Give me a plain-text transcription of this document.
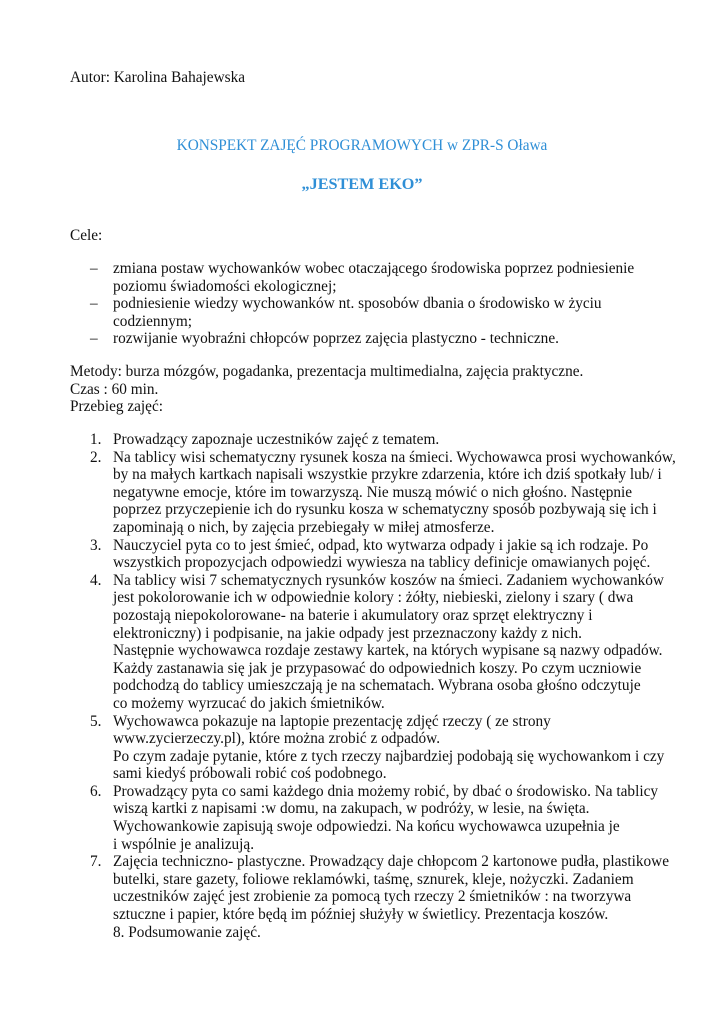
Autor: Karolina Bahajewska
KONSPEKT ZAJĘĆ PROGRAMOWYCH w ZPR-S Oława
„JESTEM EKO”
Cele:
– zmiana postaw wychowanków wobec otaczającego środowiska poprzez podniesienie
poziomu świadomości ekologicznej;
– podniesienie wiedzy wychowanków nt. sposobów dbania o środowisko w życiu
codziennym;
– rozwijanie wyobraźni chłopców poprzez zajęcia plastyczno - techniczne.
Metody: burza mózgów, pogadanka, prezentacja multimedialna, zajęcia praktyczne.
Czas : 60 min.
Przebieg zajęć:
1. Prowadzący zapoznaje uczestników zajęć z tematem.
2. Na tablicy wisi schematyczny rysunek kosza na śmieci. Wychowawca prosi wychowanków,
by na małych kartkach napisali wszystkie przykre zdarzenia, które ich dziś spotkały lub/ i
negatywne emocje, które im towarzyszą. Nie muszą mówić o nich głośno. Następnie
poprzez przyczepienie ich do rysunku kosza w schematyczny sposób pozbywają się ich i
zapominają o nich, by zajęcia przebiegały w miłej atmosferze.
3. Nauczyciel pyta co to jest śmieć, odpad, kto wytwarza odpady i jakie są ich rodzaje. Po
wszystkich propozycjach odpowiedzi wywiesza na tablicy definicje omawianych pojęć.
4. Na tablicy wisi 7 schematycznych rysunków koszów na śmieci. Zadaniem wychowanków
jest pokolorowanie ich w odpowiednie kolory : żółty, niebieski, zielony i szary ( dwa
pozostają niepokolorowane- na baterie i akumulatory oraz sprzęt elektryczny i
elektroniczny) i podpisanie, na jakie odpady jest przeznaczony każdy z nich.
Następnie wychowawca rozdaje zestawy kartek, na których wypisane są nazwy odpadów.
Każdy zastanawia się jak je przypasować do odpowiednich koszy. Po czym uczniowie
podchodzą do tablicy umieszczają je na schematach. Wybrana osoba głośno odczytuje
co możemy wyrzucać do jakich śmietników.
5. Wychowawca pokazuje na laptopie prezentację zdjęć rzeczy ( ze strony
www.zycierzeczy.pl), które można zrobić z odpadów.
Po czym zadaje pytanie, które z tych rzeczy najbardziej podobają się wychowankom i czy
sami kiedyś próbowali robić coś podobnego.
6. Prowadzący pyta co sami każdego dnia możemy robić, by dbać o środowisko. Na tablicy
wiszą kartki z napisami :w domu, na zakupach, w podróży, w lesie, na święta.
Wychowankowie zapisują swoje odpowiedzi. Na końcu wychowawca uzupełnia je
i wspólnie je analizują.
7. Zajęcia techniczno- plastyczne. Prowadzący daje chłopcom 2 kartonowe pudła, plastikowe
butelki, stare gazety, foliowe reklamówki, taśmę, sznurek, kleje, nożyczki. Zadaniem
uczestników zajęć jest zrobienie za pomocą tych rzeczy 2 śmietników : na tworzywa
sztuczne i papier, które będą im później służyły w świetlicy. Prezentacja koszów.
8. Podsumowanie zajęć.
